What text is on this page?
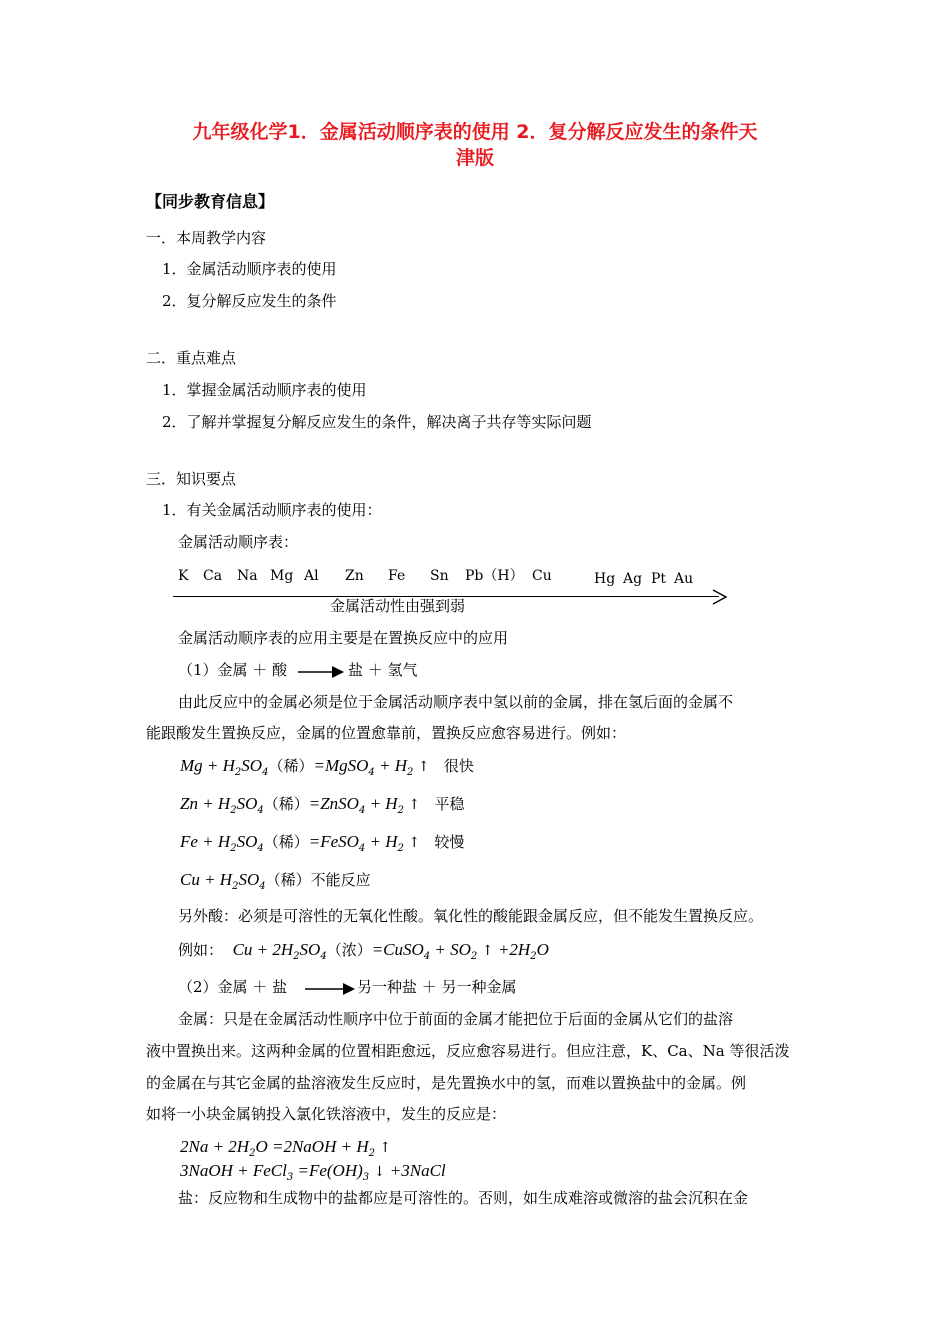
九年级化学1．金属活动顺序表的使用 2．复分解反应发生的条件天
津版
【同步教育信息】
一．本周教学内容
1．金属活动顺序表的使用
2．复分解反应发生的条件
二．重点难点
1．掌握金属活动顺序表的使用
2．了解并掌握复分解反应发生的条件，解决离子共存等实际问题
三．知识要点
1．有关金属活动顺序表的使用：
金属活动顺序表：
K Ca Na Mg Al Zn Fe Sn Pb（H） Cu	Hg Ag Pt Au
金属活动性由强到弱
金属活动顺序表的应用主要是在置换反应中的应用
（1）金属 ＋ 酸	盐 ＋ 氢气
由此反应中的金属必须是位于金属活动顺序表中氢以前的金属，排在氢后面的金属不
能跟酸发生置换反应，金属的位置愈靠前，置换反应愈容易进行。例如：
$Mg + H_2SO_4$（稀）=MgSO$_4$ + $H_2$ ↑ 很快
$Zn + H_2SO_4$（稀）=ZnSO$_4$ + $H_2$ ↑ 平稳
$Fe + H_2SO_4$（稀）=FeSO$_4$ + $H_2$ ↑ 较慢
$Cu + H_2SO_4$（稀）不能反应
另外酸：必须是可溶性的无氧化性酸。氧化性的酸能跟金属反应，但不能发生置换反应。
例如： $Cu + 2H_2SO_4$（浓）=CuSO$_4$ + $SO_2$ ↑ $+2H_2O$
（2）金属 ＋ 盐	另一种盐 ＋ 另一种金属
金属：只是在金属活动性顺序中位于前面的金属才能把位于后面的金属从它们的盐溶
液中置换出来。这两种金属的位置相距愈远，反应愈容易进行。但应注意，K、Ca、Na 等很活泼
的金属在与其它金属的盐溶液发生反应时，是先置换水中的氢，而难以置换盐中的金属。例
如将一小块金属钠投入氯化铁溶液中，发生的反应是：
$2Na + 2H_2O$ =2NaOH + $H_2$ ↑
3NaOH + FeCl$_3$ $=Fe(OH)_3$ ↓ +3NaCl
盐：反应物和生成物中的盐都应是可溶性的。否则，如生成难溶或微溶的盐会沉积在金
